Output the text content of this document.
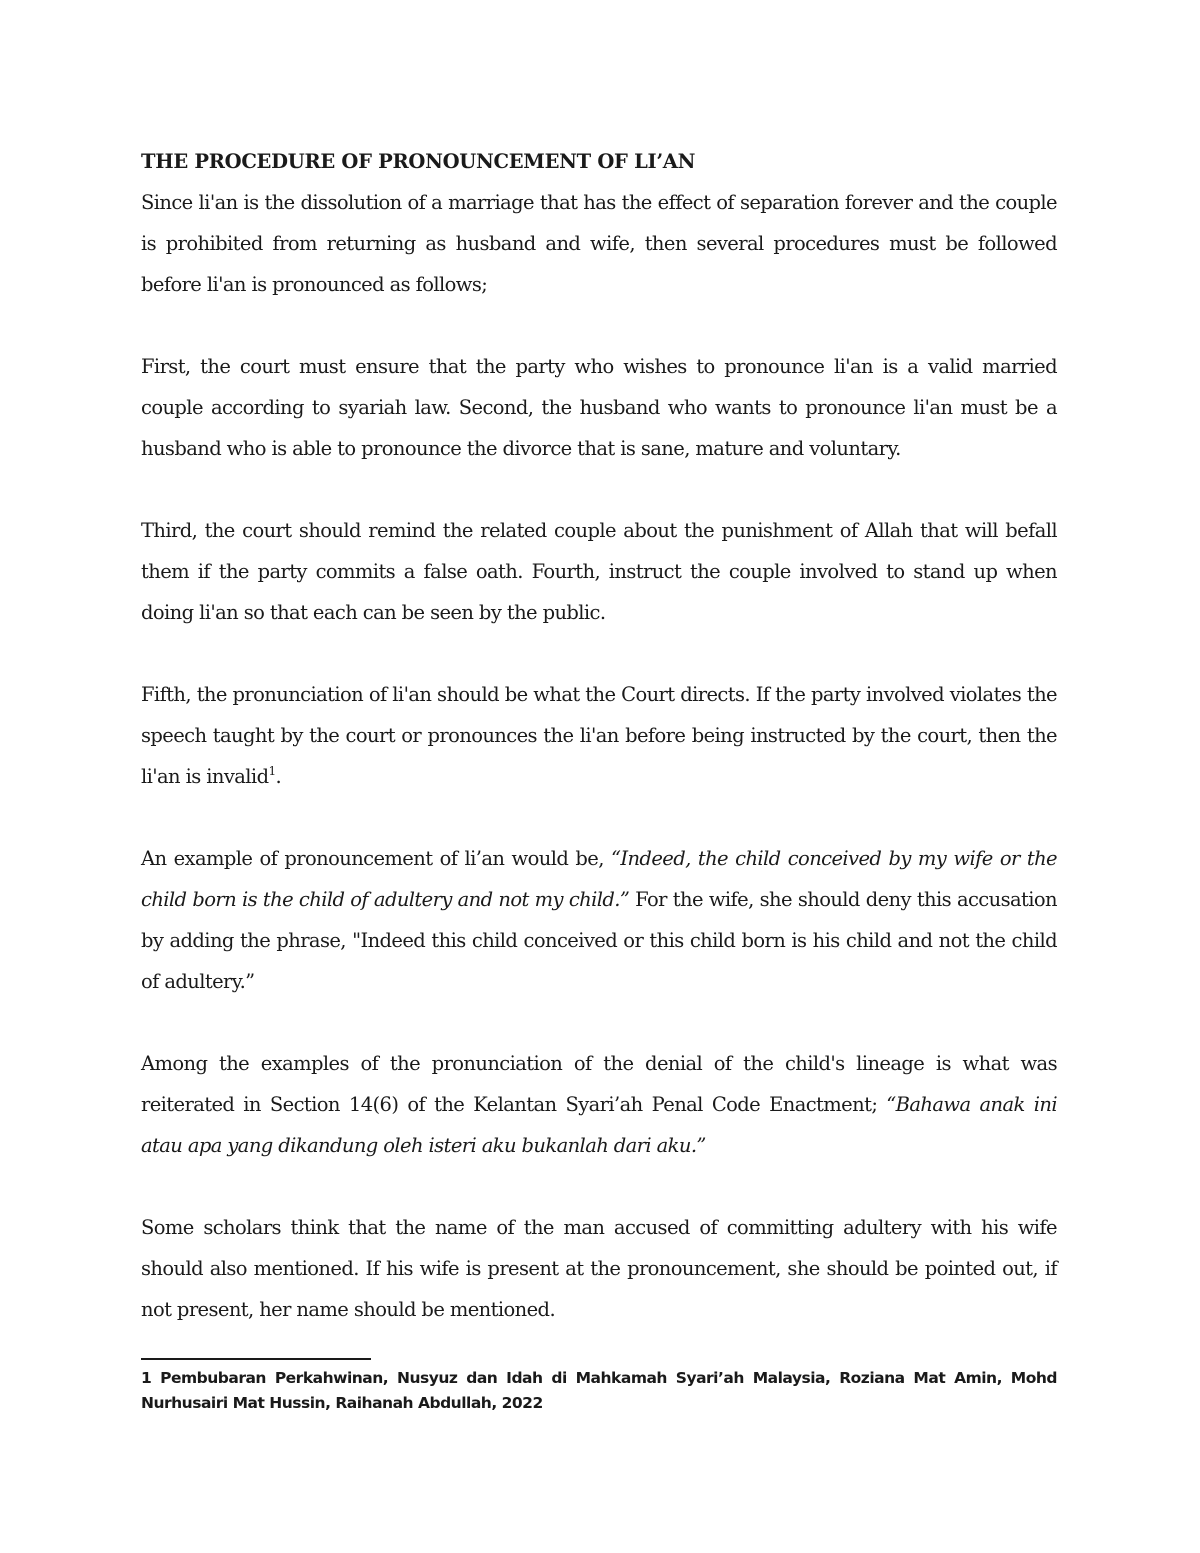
THE PROCEDURE OF PRONOUNCEMENT OF LI’AN

Since li'an is the dissolution of a marriage that has the effect of separation forever and the couple is prohibited from returning as husband and wife, then several procedures must be followed before li'an is pronounced as follows;

First, the court must ensure that the party who wishes to pronounce li'an is a valid married couple according to syariah law. Second, the husband who wants to pronounce li'an must be a husband who is able to pronounce the divorce that is sane, mature and voluntary.

Third, the court should remind the related couple about the punishment of Allah that will befall them if the party commits a false oath. Fourth, instruct the couple involved to stand up when doing li'an so that each can be seen by the public.

Fifth, the pronunciation of li'an should be what the Court directs. If the party involved violates the speech taught by the court or pronounces the li'an before being instructed by the court, then the li'an is invalid$^1$.

An example of pronouncement of li’an would be, “Indeed, the child conceived by my wife or the child born is the child of adultery and not my child.” For the wife, she should deny this accusation by adding the phrase, "Indeed this child conceived or this child born is his child and not the child of adultery.”

Among the examples of the pronunciation of the denial of the child's lineage is what was reiterated in Section 14(6) of the Kelantan Syari’ah Penal Code Enactment; “Bahawa anak ini atau apa yang dikandung oleh isteri aku bukanlah dari aku.”

Some scholars think that the name of the man accused of committing adultery with his wife should also mentioned. If his wife is present at the pronouncement, she should be pointed out, if not present, her name should be mentioned.

1 Pembubaran Perkahwinan, Nusyuz dan Idah di Mahkamah Syari’ah Malaysia, Roziana Mat Amin, Mohd Nurhusairi Mat Hussin, Raihanah Abdullah, 2022
